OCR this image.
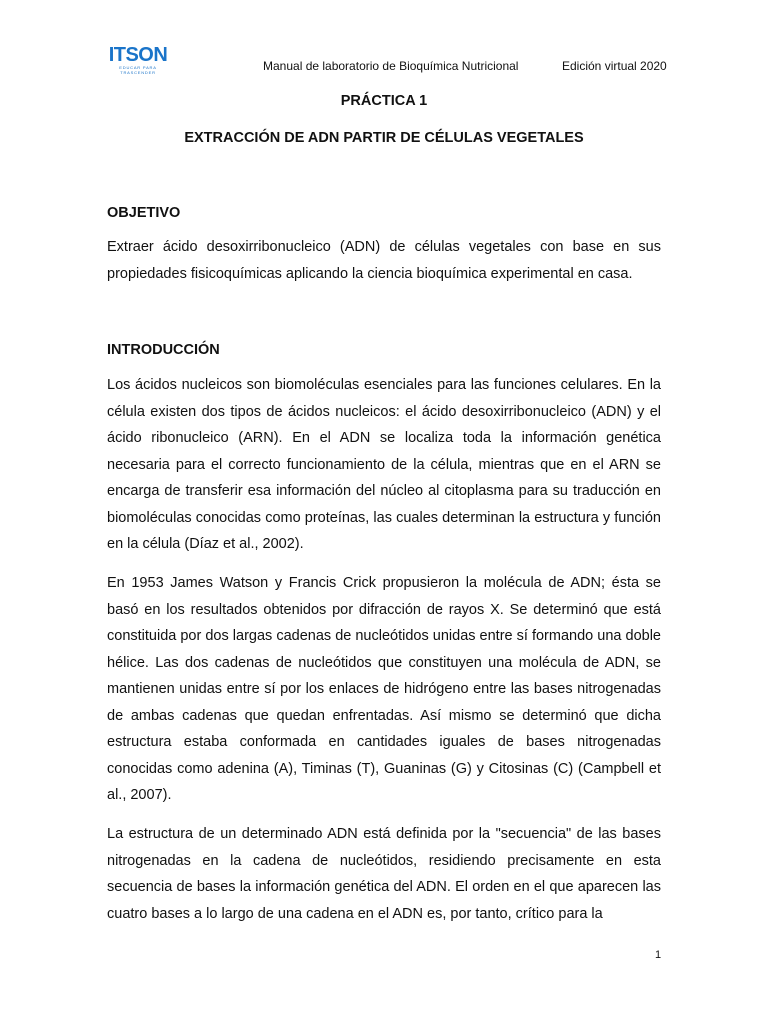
ITSON
EDUCAR PARA TRASCENDER	Manual de laboratorio de Bioquímica Nutricional	Edición virtual 2020
PRÁCTICA 1
EXTRACCIÓN DE ADN PARTIR DE CÉLULAS VEGETALES
OBJETIVO

Extraer ácido desoxirribonucleico (ADN) de células vegetales con base en sus propiedades fisicoquímicas aplicando la ciencia bioquímica experimental en casa.

INTRODUCCIÓN

Los ácidos nucleicos son biomoléculas esenciales para las funciones celulares. En la célula existen dos tipos de ácidos nucleicos: el ácido desoxirribonucleico (ADN) y el ácido ribonucleico (ARN). En el ADN se localiza toda la información genética necesaria para el correcto funcionamiento de la célula, mientras que en el ARN se encarga de transferir esa información del núcleo al citoplasma para su traducción en biomoléculas conocidas como proteínas, las cuales determinan la estructura y función en la célula (Díaz et al., 2002).

En 1953 James Watson y Francis Crick propusieron la molécula de ADN; ésta se basó en los resultados obtenidos por difracción de rayos X. Se determinó que está constituida por dos largas cadenas de nucleótidos unidas entre sí formando una doble hélice. Las dos cadenas de nucleótidos que constituyen una molécula de ADN, se mantienen unidas entre sí por los enlaces de hidrógeno entre las bases nitrogenadas de ambas cadenas que quedan enfrentadas. Así mismo se determinó que dicha estructura estaba conformada en cantidades iguales de bases nitrogenadas conocidas como adenina (A), Timinas (T), Guaninas (G) y Citosinas (C) (Campbell et al., 2007).

La estructura de un determinado ADN está definida por la "secuencia" de las bases nitrogenadas en la cadena de nucleótidos, residiendo precisamente en esta secuencia de bases la información genética del ADN. El orden en el que aparecen las cuatro bases a lo largo de una cadena en el ADN es, por tanto, crítico para la

1
